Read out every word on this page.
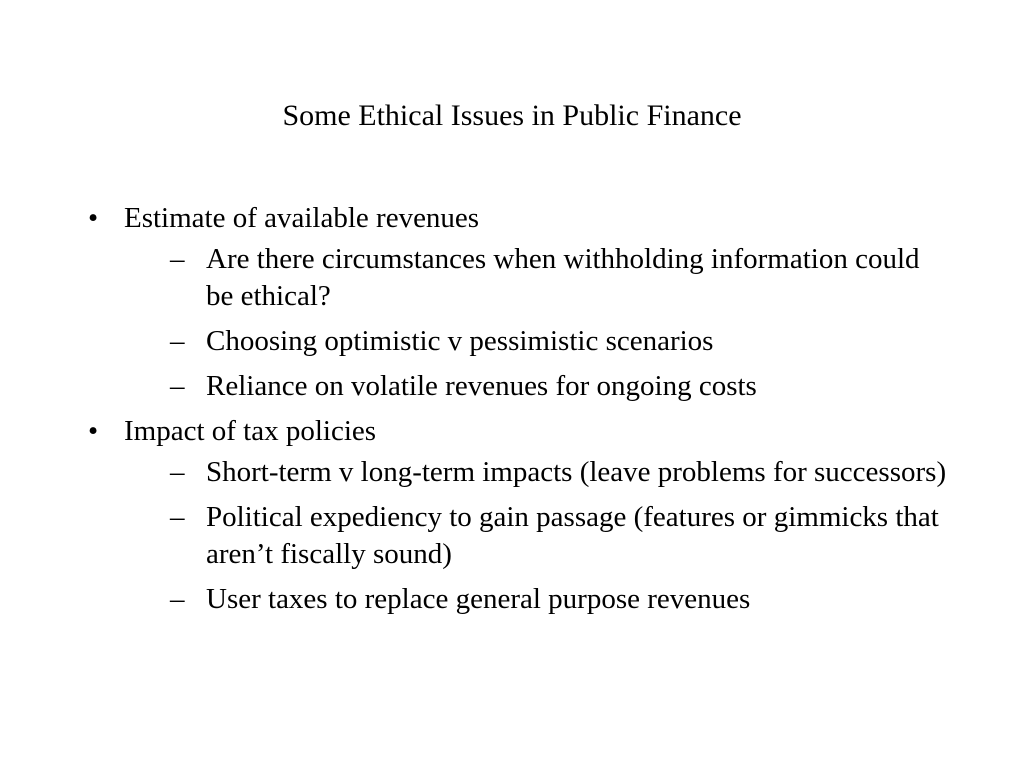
Some Ethical Issues in Public Finance
• Estimate of available revenues
– Are there circumstances when withholding information could be ethical?
– Choosing optimistic v pessimistic scenarios
– Reliance on volatile revenues for ongoing costs
• Impact of tax policies
– Short-term v long-term impacts (leave problems for successors)
– Political expediency to gain passage (features or gimmicks that aren’t fiscally sound)
– User taxes to replace general purpose revenues
